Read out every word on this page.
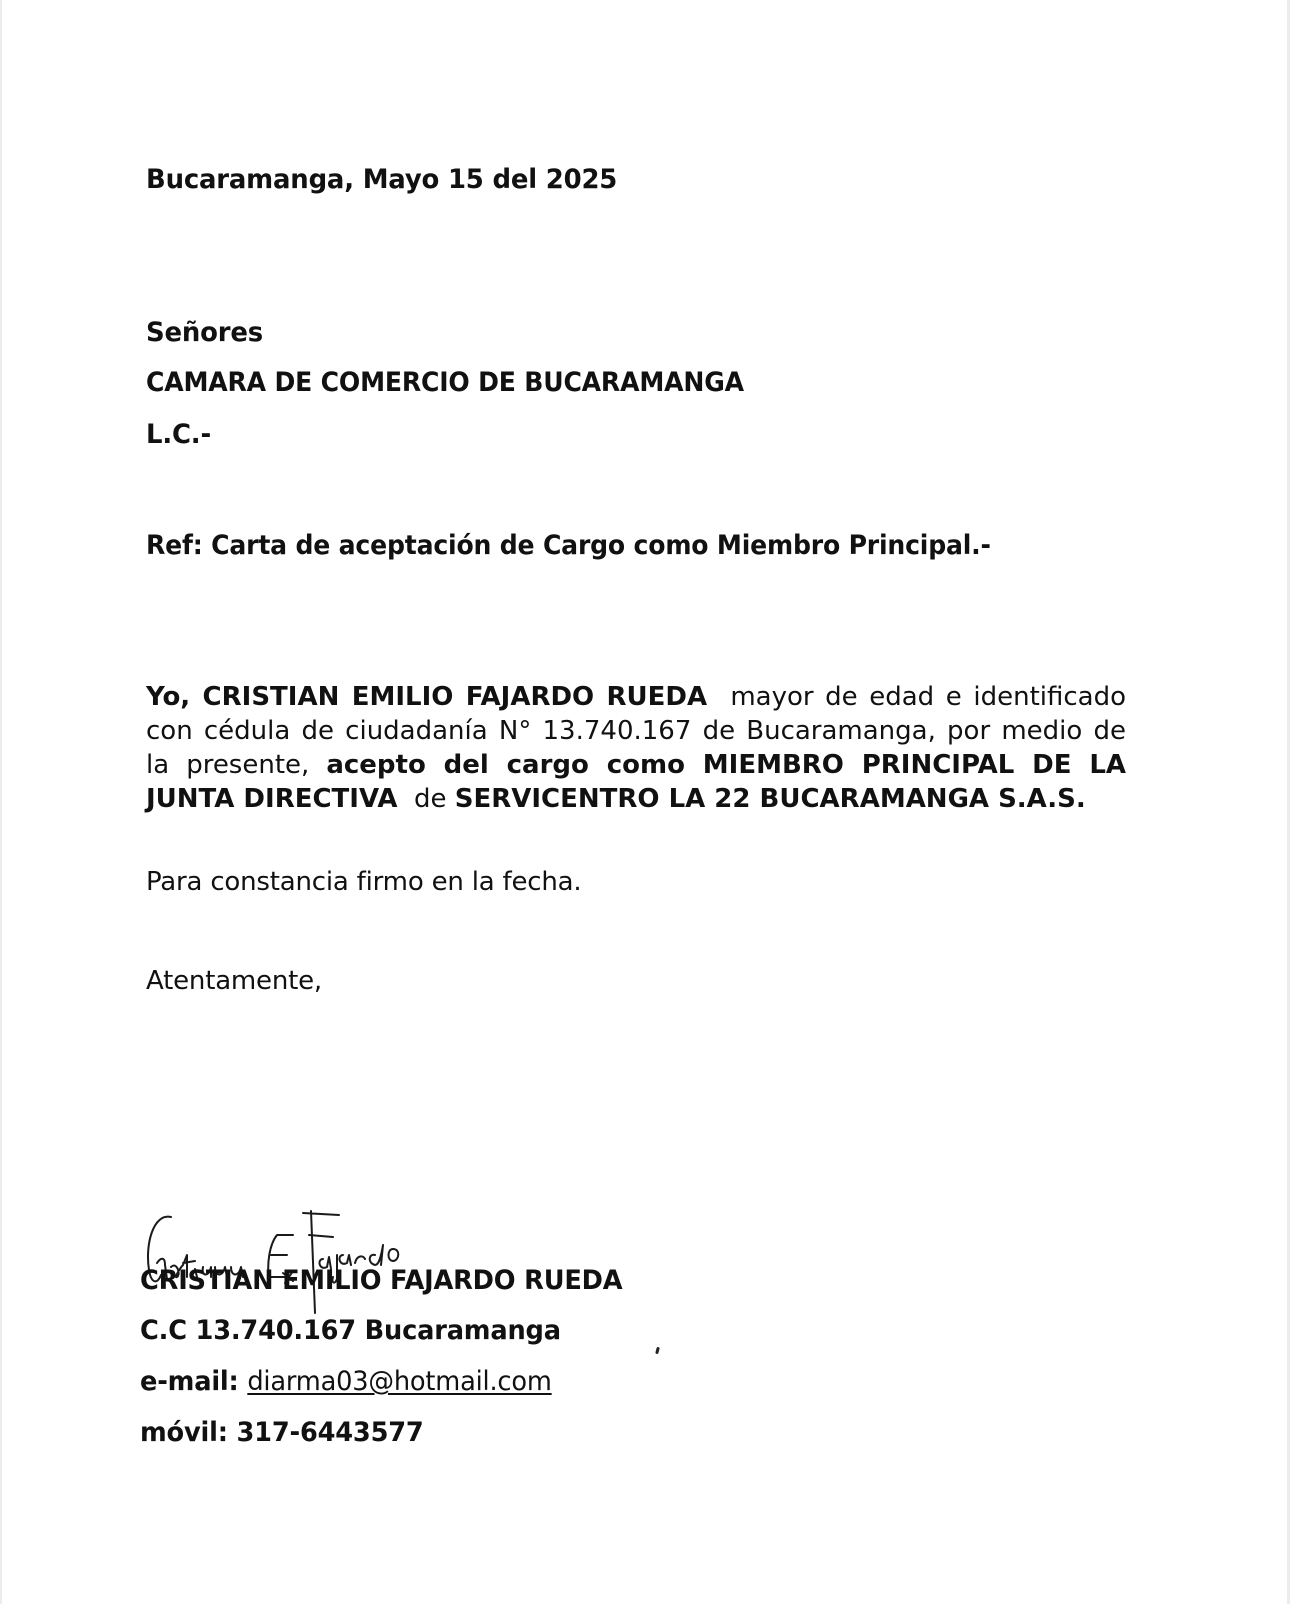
Bucaramanga, Mayo 15 del 2025
Señores
CAMARA DE COMERCIO DE BUCARAMANGA
L.C.-
Ref: Carta de aceptación de Cargo como Miembro Principal.-
Yo, CRISTIAN EMILIO FAJARDO RUEDA mayor de edad e identificado
con cédula de ciudadanía N° 13.740.167 de Bucaramanga, por medio de
la presente, acepto del cargo como MIEMBRO PRINCIPAL DE LA
JUNTA DIRECTIVA de SERVICENTRO LA 22 BUCARAMANGA S.A.S.
Para constancia firmo en la fecha.
Atentamente,
CRISTIAN EMILIO FAJARDO RUEDA
C.C 13.740.167 Bucaramanga
e-mail: diarma03@hotmail.com
móvil: 317-6443577
